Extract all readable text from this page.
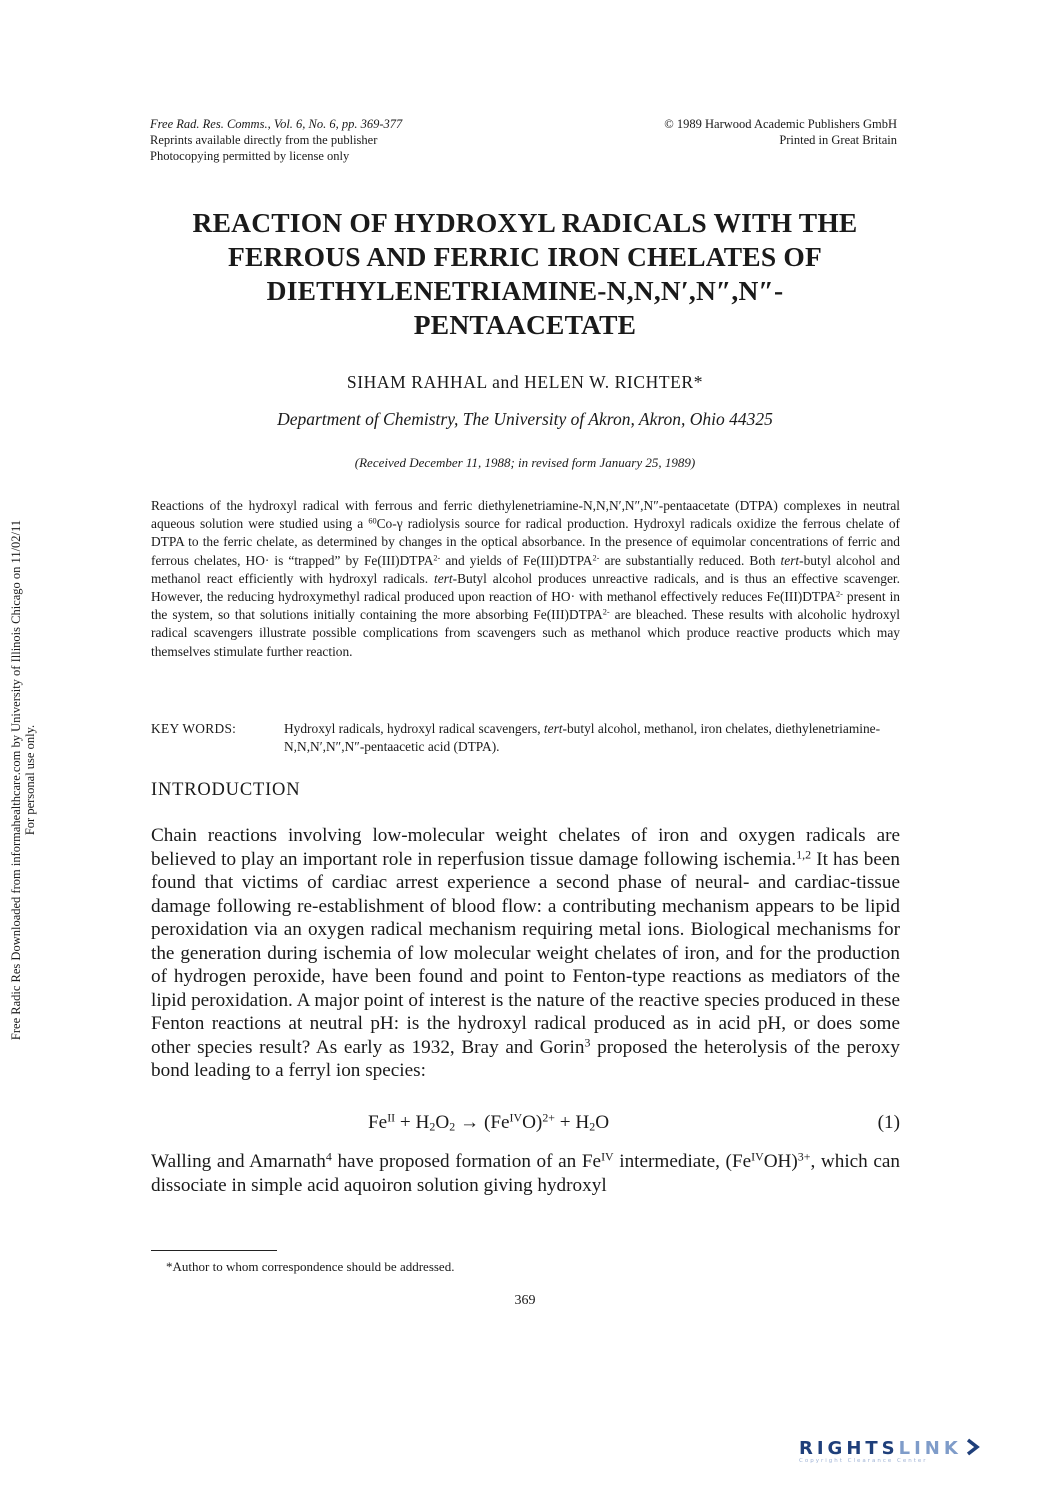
Free Rad. Res. Comms., Vol. 6, No. 6, pp. 369-377
Reprints available directly from the publisher
Photocopying permitted by license only
© 1989 Harwood Academic Publishers GmbH
Printed in Great Britain
REACTION OF HYDROXYL RADICALS WITH THE
FERROUS AND FERRIC IRON CHELATES OF
DIETHYLENETRIAMINE-N,N,N′,N″,N″-
PENTAACETATE
SIHAM RAHHAL and HELEN W. RICHTER*
Department of Chemistry, The University of Akron, Akron, Ohio 44325
(Received December 11, 1988; in revised form January 25, 1989)
Reactions of the hydroxyl radical with ferrous and ferric diethylenetriamine-N,N,N′,N″,N″-pentaacetate (DTPA) complexes in neutral aqueous solution were studied using a $^{60}$Co-γ radiolysis source for radical production. Hydroxyl radicals oxidize the ferrous chelate of DTPA to the ferric chelate, as determined by changes in the optical absorbance. In the presence of equimolar concentrations of ferric and ferrous chelates, HO· is “trapped” by $Fe(III)DTPA^{2-}$ and yields of $Fe(III)DTPA^{2-}$ are substantially reduced. Both tert-butyl alcohol and methanol react efficiently with hydroxyl radicals. tert-Butyl alcohol produces unreactive radicals, and is thus an effective scavenger. However, the reducing hydroxymethyl radical produced upon reaction of HO· with methanol effectively reduces $Fe(III)DTPA^{2-}$ present in the system, so that solutions initially containing the more absorbing $Fe(III)DTPA^{2-}$ are bleached. These results with alcoholic hydroxyl radical scavengers illustrate possible complications from scavengers such as methanol which produce reactive products which may themselves stimulate further reaction.
KEY WORDS:	Hydroxyl radicals, hydroxyl radical scavengers, tert-butyl alcohol, methanol, iron chelates, diethylenetriamine-N,N,N′,N″,N″-pentaacetic acid (DTPA).
INTRODUCTION
Chain reactions involving low-molecular weight chelates of iron and oxygen radicals are believed to play an important role in reperfusion tissue damage following ischemia.$^{1,2}$ It has been found that victims of cardiac arrest experience a second phase of neural- and cardiac-tissue damage following re-establishment of blood flow: a contributing mechanism appears to be lipid peroxidation via an oxygen radical mechanism requiring metal ions. Biological mechanisms for the generation during ischemia of low molecular weight chelates of iron, and for the production of hydrogen peroxide, have been found and point to Fenton-type reactions as mediators of the lipid peroxidation. A major point of interest is the nature of the reactive species produced in these Fenton reactions at neutral pH: is the hydroxyl radical produced as in acid pH, or does some other species result? As early as 1932, Bray and Gorin$^3$ proposed the heterolysis of the peroxy bond leading to a ferryl ion species:
$Fe^{II} + H_2O_2 \to (Fe^{IV}O)^{2+} + H_2O$	(1)
Walling and Amarnath$^4$ have proposed formation of an $Fe^{IV}$ intermediate, $(Fe^{IV}OH)^{3+}$, which can dissociate in simple acid aquoiron solution giving hydroxyl
*Author to whom correspondence should be addressed.
369
Free Radic Res Downloaded from informahealthcare.com by University of Illinois Chicago on 11/02/11 For personal use only.
RIGHTSLINK
Copyright Clearance Center
